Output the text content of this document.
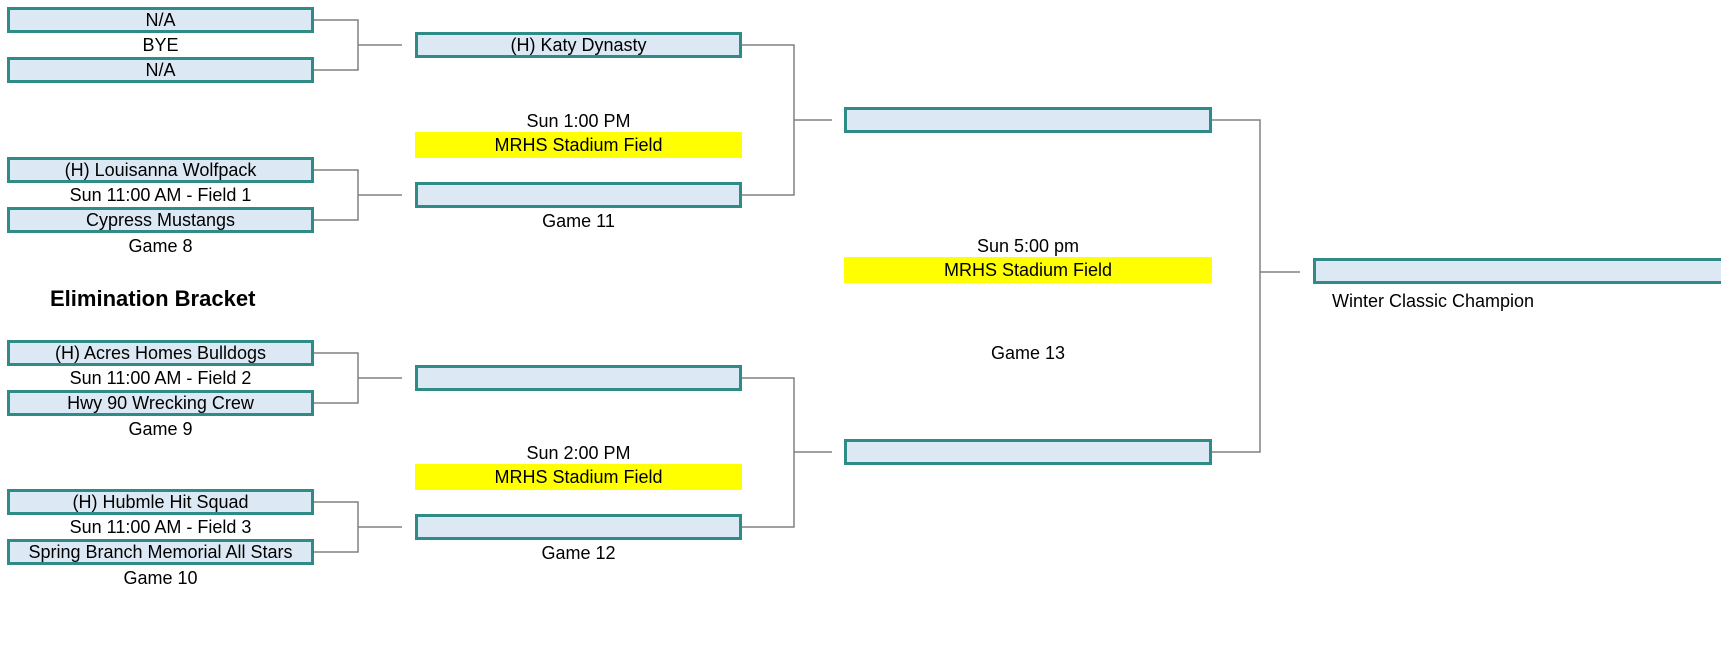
N/A
BYE
N/A
(H) Louisanna Wolfpack
Sun 11:00 AM - Field 1
Cypress Mustangs
Game 8
Elimination Bracket
(H) Acres Homes Bulldogs
Sun 11:00 AM - Field 2
Hwy 90 Wrecking Crew
Game 9
(H) Hubmle Hit Squad
Sun 11:00 AM - Field 3
Spring Branch Memorial All Stars
Game 10
(H) Katy Dynasty
Sun 1:00 PM
MRHS Stadium Field
Game 11
Sun 2:00 PM
MRHS Stadium Field
Game 12
Sun 5:00 pm
MRHS Stadium Field
Game 13
Winter Classic Champion
